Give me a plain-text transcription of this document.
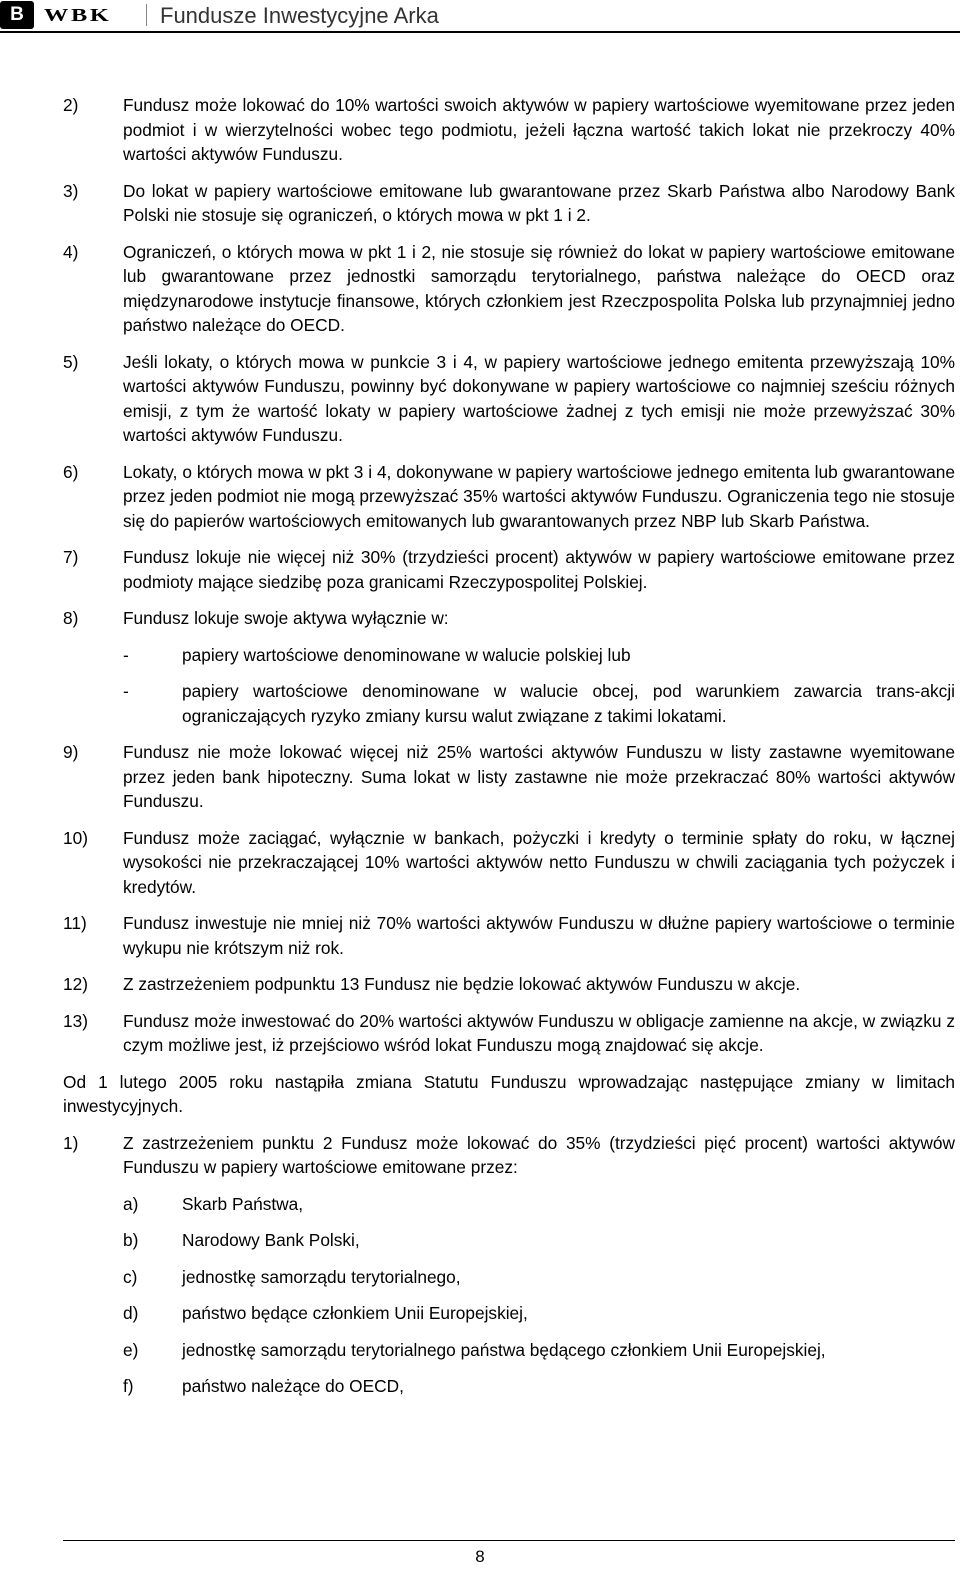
B	WBK Fundusze Inwestycyjne Arka
2)	Fundusz może lokować do 10% wartości swoich aktywów w papiery wartościowe wyemitowane przez jeden podmiot i w wierzytelności wobec tego podmiotu, jeżeli łączna wartość takich lokat nie przekroczy 40% wartości aktywów Funduszu.
3)	Do lokat w papiery wartościowe emitowane lub gwarantowane przez Skarb Państwa albo Narodowy Bank Polski nie stosuje się ograniczeń, o których mowa w pkt 1 i 2.
4)	Ograniczeń, o których mowa w pkt 1 i 2, nie stosuje się również do lokat w papiery wartościowe emitowane lub gwarantowane przez jednostki samorządu terytorialnego, państwa należące do OECD oraz międzynarodowe instytucje finansowe, których członkiem jest Rzeczpospolita Polska lub przynajmniej jedno państwo należące do OECD.
5)	Jeśli lokaty, o których mowa w punkcie 3 i 4, w papiery wartościowe jednego emitenta przewyższają 10% wartości aktywów Funduszu, powinny być dokonywane w papiery wartościowe co najmniej sześciu różnych emisji, z tym że wartość lokaty w papiery wartościowe żadnej z tych emisji nie może przewyższać 30% wartości aktywów Funduszu.
6)	Lokaty, o których mowa w pkt 3 i 4, dokonywane w papiery wartościowe jednego emitenta lub gwarantowane przez jeden podmiot nie mogą przewyższać 35% wartości aktywów Funduszu. Ograniczenia tego nie stosuje się do papierów wartościowych emitowanych lub gwarantowanych przez NBP lub Skarb Państwa.
7)	Fundusz lokuje nie więcej niż 30% (trzydzieści procent) aktywów w papiery wartościowe emitowane przez podmioty mające siedzibę poza granicami Rzeczypospolitej Polskiej.
8)	Fundusz lokuje swoje aktywa wyłącznie w:
-	papiery wartościowe denominowane w walucie polskiej lub
-	papiery wartościowe denominowane w walucie obcej, pod warunkiem zawarcia trans-akcji ograniczających ryzyko zmiany kursu walut związane z takimi lokatami.
9)	Fundusz nie może lokować więcej niż 25% wartości aktywów Funduszu w listy zastawne wyemitowane przez jeden bank hipoteczny. Suma lokat w listy zastawne nie może przekraczać 80% wartości aktywów Funduszu.
10)	Fundusz może zaciągać, wyłącznie w bankach, pożyczki i kredyty o terminie spłaty do roku, w łącznej wysokości nie przekraczającej 10% wartości aktywów netto Funduszu w chwili zaciągania tych pożyczek i kredytów.
11)	Fundusz inwestuje nie mniej niż 70% wartości aktywów Funduszu w dłużne papiery wartościowe o terminie wykupu nie krótszym niż rok.
12)	Z zastrzeżeniem podpunktu 13 Fundusz nie będzie lokować aktywów Funduszu w akcje.
13)	Fundusz może inwestować do 20% wartości aktywów Funduszu w obligacje zamienne na akcje, w związku z czym możliwe jest, iż przejściowo wśród lokat Funduszu mogą znajdować się akcje.
Od 1 lutego 2005 roku nastąpiła zmiana Statutu Funduszu wprowadzając następujące zmiany w limitach inwestycyjnych.
1)	Z zastrzeżeniem punktu 2 Fundusz może lokować do 35% (trzydzieści pięć procent) wartości aktywów Funduszu w papiery wartościowe emitowane przez:
a)	Skarb Państwa,
b)	Narodowy Bank Polski,
c)	jednostkę samorządu terytorialnego,
d)	państwo będące członkiem Unii Europejskiej,
e)	jednostkę samorządu terytorialnego państwa będącego członkiem Unii Europejskiej,
f)	państwo należące do OECD,
8
